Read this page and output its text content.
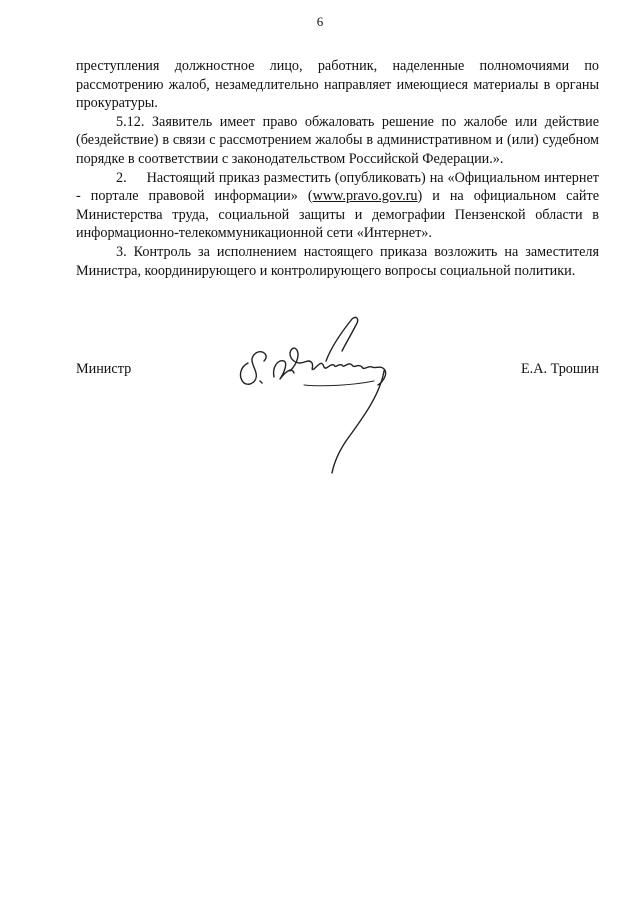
6

преступления должностное лицо, работник, наделенные полномочиями по рассмотрению жалоб, незамедлительно направляет имеющиеся материалы в органы прокуратуры.

5.12. Заявитель имеет право обжаловать решение по жалобе или действие (бездействие) в связи с рассмотрением жалобы в административном и (или) судебном порядке в соответствии с законодательством Российской Федерации.».

2. Настоящий приказ разместить (опубликовать) на «Официальном интернет - портале правовой информации» (www.pravo.gov.ru) и на официальном сайте Министерства труда, социальной защиты и демографии Пензенской области в информационно-телекоммуникационной сети «Интернет».

3. Контроль за исполнением настоящего приказа возложить на заместителя Министра, координирующего и контролирующего вопросы социальной политики.

Министр	Е.А. Трошин
